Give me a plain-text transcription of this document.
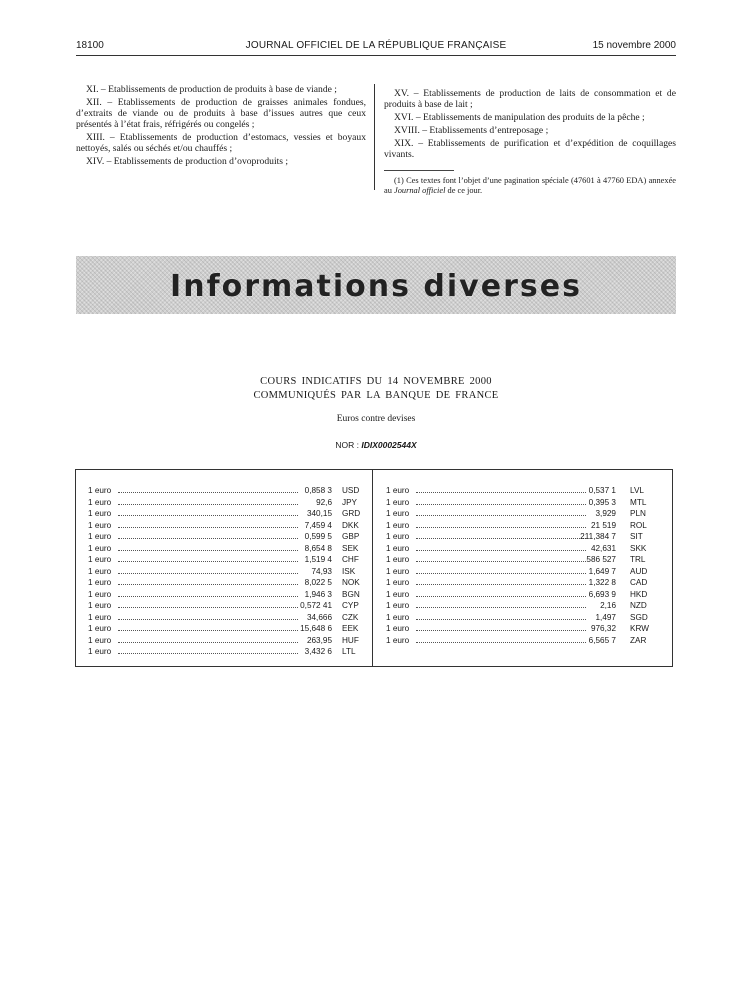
18100	JOURNAL OFFICIEL DE LA RÉPUBLIQUE FRANÇAISE	15 novembre 2000

XI. – Etablissements de production de produits à base de viande ;

XII. – Etablissements de production de graisses animales fondues, d’extraits de viande ou de produits à base d’issues autres que ceux présentés à l’état frais, réfrigérés ou congelés ;

XIII. – Etablissements de production d’estomacs, vessies et boyaux nettoyés, salés ou séchés et/ou chauffés ;

XIV. – Etablissements de production d’ovoproduits ;

XV. – Etablissements de production de laits de consommation et de produits à base de lait ;

XVI. – Etablissements de manipulation des produits de la pêche ;

XVIII. – Etablissements d’entreposage ;

XIX. – Etablissements de purification et d’expédition de coquillages vivants.

(1) Ces textes font l’objet d’une pagination spéciale (47601 à 47760 EDA) annexée au Journal officiel de ce jour.

Informations diverses
COURS INDICATIFS DU 14 NOVEMBRE 2000
COMMUNIQUÉS PAR LA BANQUE DE FRANCE
Euros contre devises
NOR : IDIX0002544X
1 euro	0,858 3 USD
1 euro	92,6 JPY
1 euro	340,15 GRD
1 euro	7,459 4 DKK
1 euro	0,599 5 GBP
1 euro	8,654 8 SEK
1 euro	1,519 4 CHF
1 euro	74,93 ISK
1 euro	8,022 5 NOK
1 euro	1,946 3 BGN
1 euro	0,572 41 CYP
1 euro	34,666 CZK
1 euro	15,648 6 EEK
1 euro	263,95 HUF
1 euro	3,432 6 LTL
1 euro	0,537 1 LVL
1 euro	0,395 3 MTL
1 euro	3,929 PLN
1 euro	21 519 ROL
1 euro	211,384 7 SIT
1 euro	42,631 SKK
1 euro	586 527 TRL
1 euro	1,649 7 AUD
1 euro	1,322 8 CAD
1 euro	6,693 9 HKD
1 euro	2,16 NZD
1 euro	1,497 SGD
1 euro	976,32 KRW
1 euro	6,565 7 ZAR
